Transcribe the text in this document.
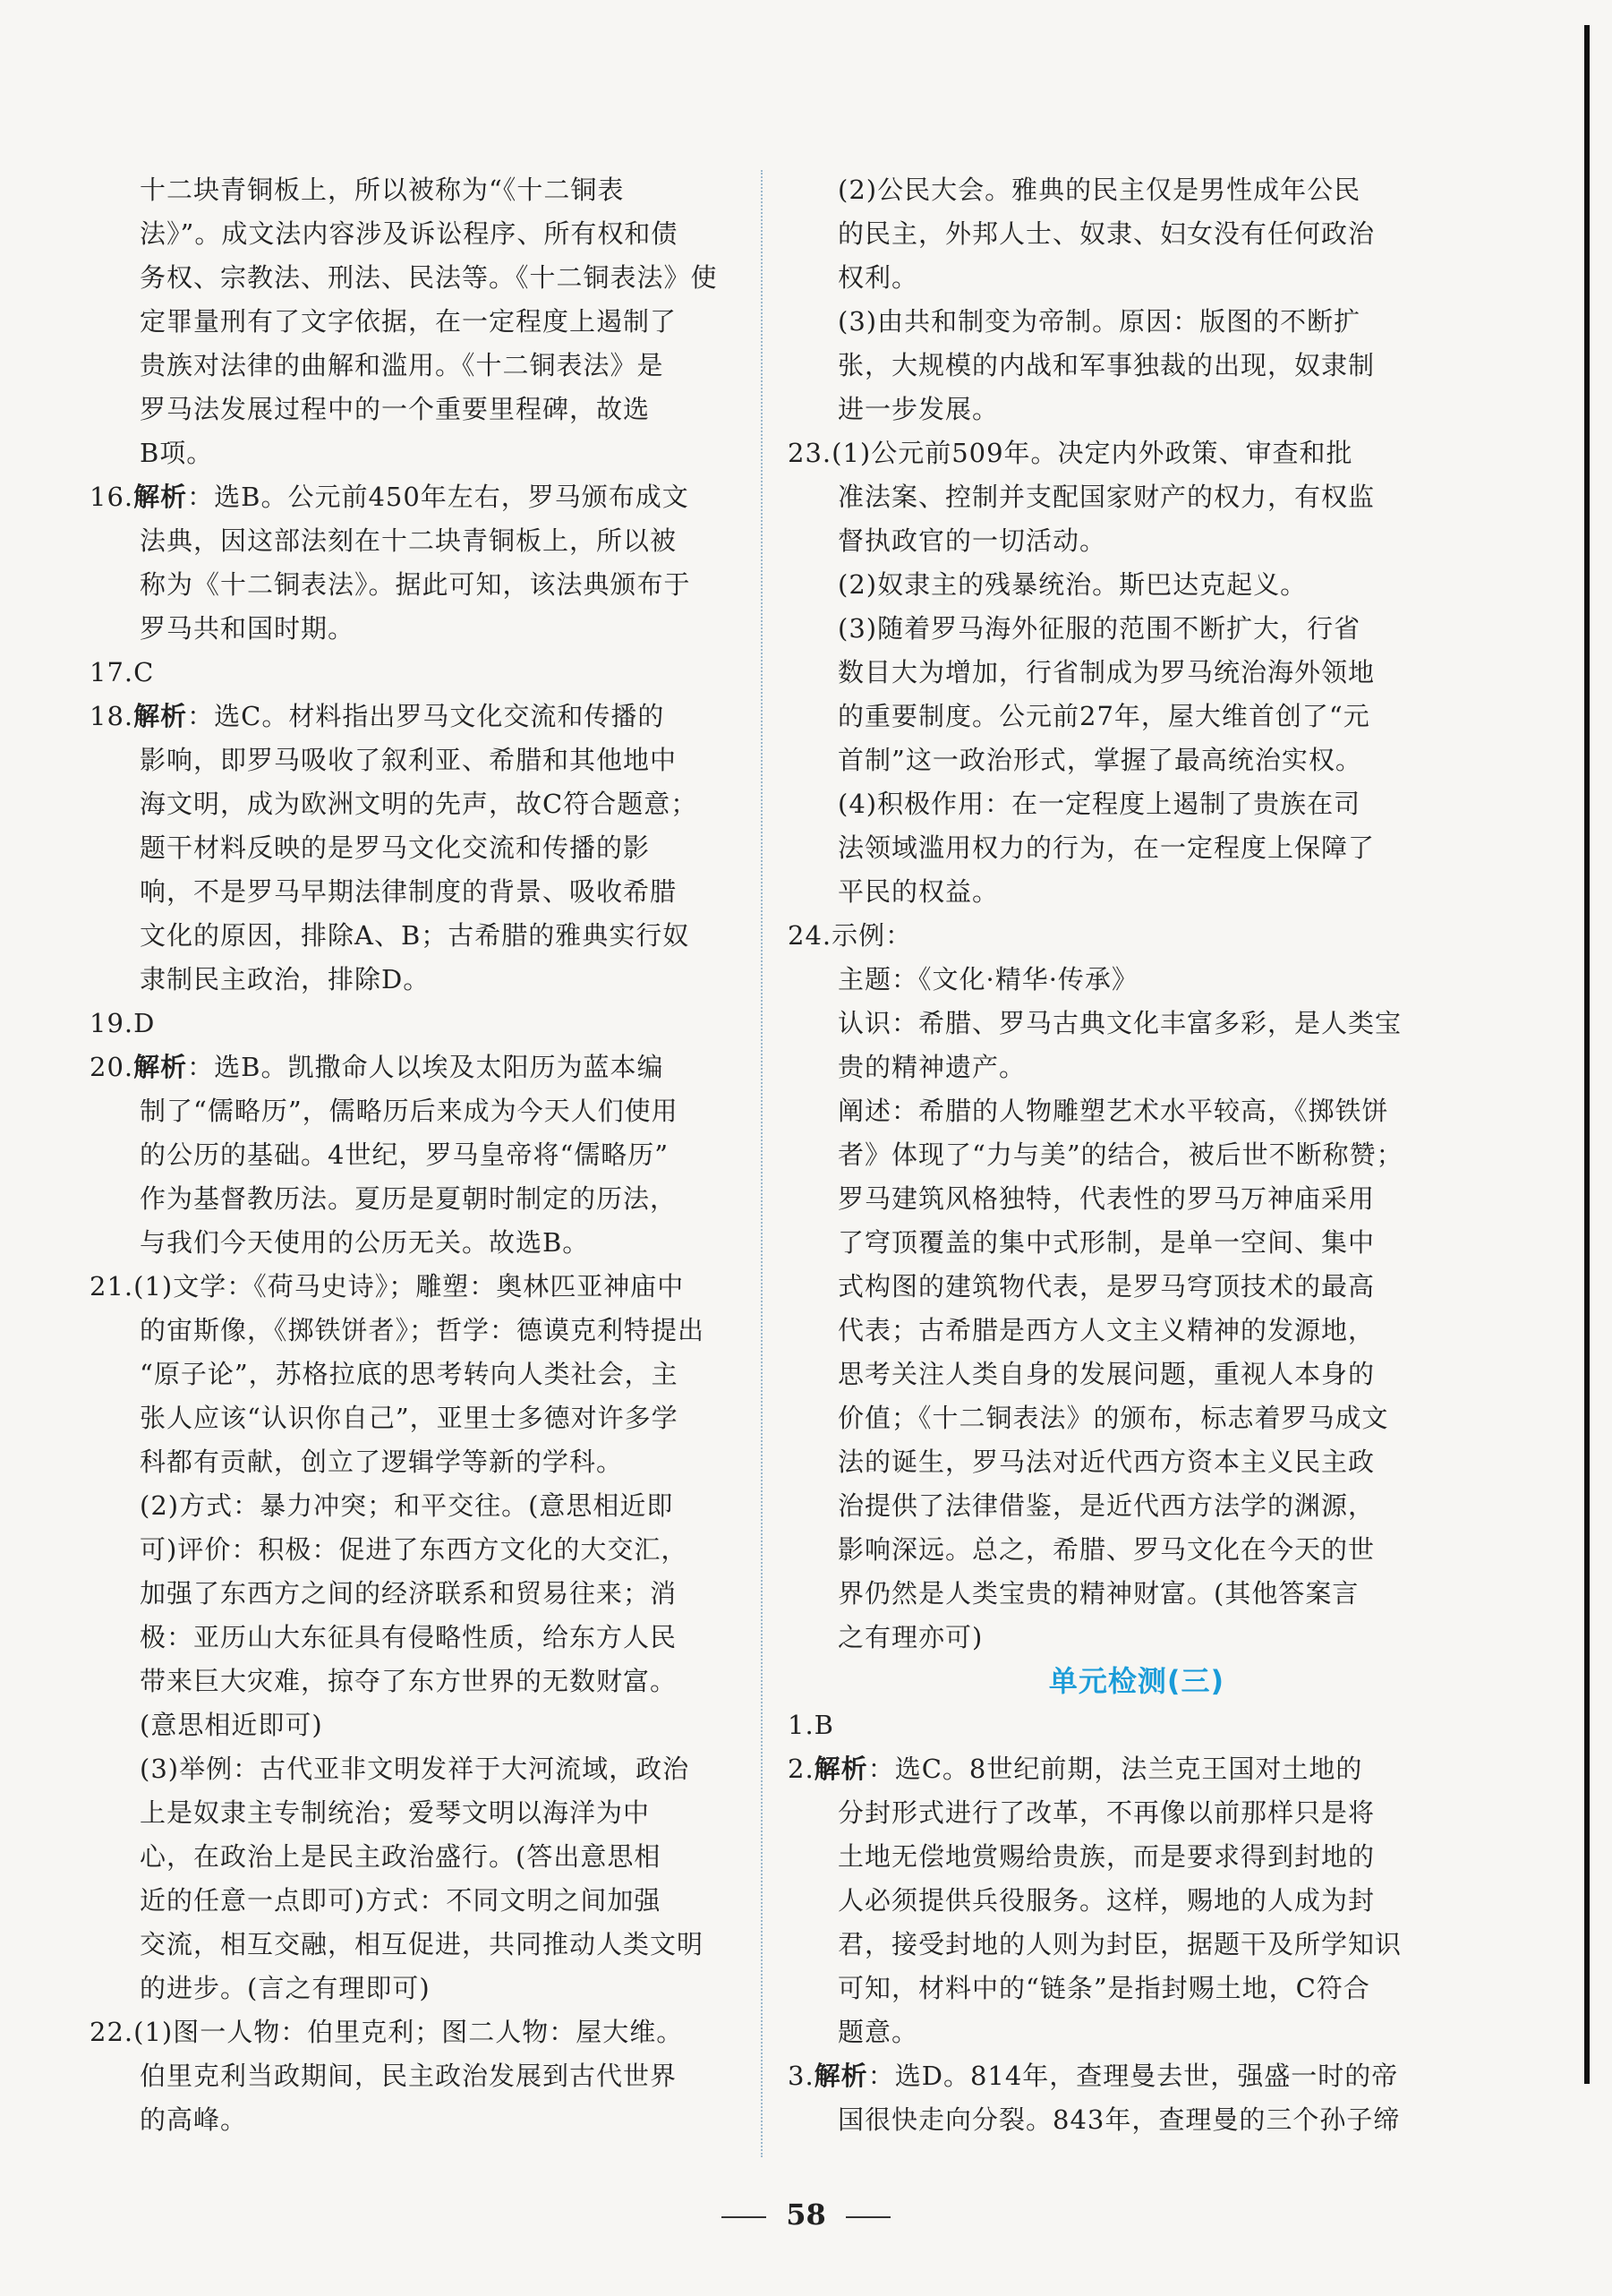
十二块青铜板上，所以被称为“《十二铜表
法》”。成文法内容涉及诉讼程序、所有权和债
务权、宗教法、刑法、民法等。《十二铜表法》使
定罪量刑有了文字依据，在一定程度上遏制了
贵族对法律的曲解和滥用。《十二铜表法》是
罗马法发展过程中的一个重要里程碑，故选
B项。
16.解析：选B。公元前450年左右，罗马颁布成文
法典，因这部法刻在十二块青铜板上，所以被
称为《十二铜表法》。据此可知，该法典颁布于
罗马共和国时期。
17.C
18.解析：选C。材料指出罗马文化交流和传播的
影响，即罗马吸收了叙利亚、希腊和其他地中
海文明，成为欧洲文明的先声，故C符合题意；
题干材料反映的是罗马文化交流和传播的影
响，不是罗马早期法律制度的背景、吸收希腊
文化的原因，排除A、B；古希腊的雅典实行奴
隶制民主政治，排除D。
19.D
20.解析：选B。凯撒命人以埃及太阳历为蓝本编
制了“儒略历”，儒略历后来成为今天人们使用
的公历的基础。4世纪，罗马皇帝将“儒略历”
作为基督教历法。夏历是夏朝时制定的历法，
与我们今天使用的公历无关。故选B。
21.(1)文学：《荷马史诗》；雕塑：奥林匹亚神庙中
的宙斯像，《掷铁饼者》；哲学：德谟克利特提出
“原子论”，苏格拉底的思考转向人类社会，主
张人应该“认识你自己”，亚里士多德对许多学
科都有贡献，创立了逻辑学等新的学科。
(2)方式：暴力冲突；和平交往。(意思相近即
可)评价：积极：促进了东西方文化的大交汇，
加强了东西方之间的经济联系和贸易往来；消
极：亚历山大东征具有侵略性质，给东方人民
带来巨大灾难，掠夺了东方世界的无数财富。
(意思相近即可)
(3)举例：古代亚非文明发祥于大河流域，政治
上是奴隶主专制统治；爱琴文明以海洋为中
心，在政治上是民主政治盛行。(答出意思相
近的任意一点即可)方式：不同文明之间加强
交流，相互交融，相互促进，共同推动人类文明
的进步。(言之有理即可)
22.(1)图一人物：伯里克利；图二人物：屋大维。
伯里克利当政期间，民主政治发展到古代世界
的高峰。
(2)公民大会。雅典的民主仅是男性成年公民
的民主，外邦人士、奴隶、妇女没有任何政治
权利。
(3)由共和制变为帝制。原因：版图的不断扩
张，大规模的内战和军事独裁的出现，奴隶制
进一步发展。
23.(1)公元前509年。决定内外政策、审查和批
准法案、控制并支配国家财产的权力，有权监
督执政官的一切活动。
(2)奴隶主的残暴统治。斯巴达克起义。
(3)随着罗马海外征服的范围不断扩大，行省
数目大为增加，行省制成为罗马统治海外领地
的重要制度。公元前27年，屋大维首创了“元
首制”这一政治形式，掌握了最高统治实权。
(4)积极作用：在一定程度上遏制了贵族在司
法领域滥用权力的行为，在一定程度上保障了
平民的权益。
24.示例：
主题：《文化·精华·传承》
认识：希腊、罗马古典文化丰富多彩，是人类宝
贵的精神遗产。
阐述：希腊的人物雕塑艺术水平较高，《掷铁饼
者》体现了“力与美”的结合，被后世不断称赞；
罗马建筑风格独特，代表性的罗马万神庙采用
了穹顶覆盖的集中式形制，是单一空间、集中
式构图的建筑物代表，是罗马穹顶技术的最高
代表；古希腊是西方人文主义精神的发源地，
思考关注人类自身的发展问题，重视人本身的
价值；《十二铜表法》的颁布，标志着罗马成文
法的诞生，罗马法对近代西方资本主义民主政
治提供了法律借鉴，是近代西方法学的渊源，
影响深远。总之，希腊、罗马文化在今天的世
界仍然是人类宝贵的精神财富。(其他答案言
之有理亦可)
单元检测(三)
1.B
2.解析：选C。8世纪前期，法兰克王国对土地的
分封形式进行了改革，不再像以前那样只是将
土地无偿地赏赐给贵族，而是要求得到封地的
人必须提供兵役服务。这样，赐地的人成为封
君，接受封地的人则为封臣，据题干及所学知识
可知，材料中的“链条”是指封赐土地，C符合
题意。
3.解析：选D。814年，查理曼去世，强盛一时的帝
国很快走向分裂。843年，查理曼的三个孙子缔
58
